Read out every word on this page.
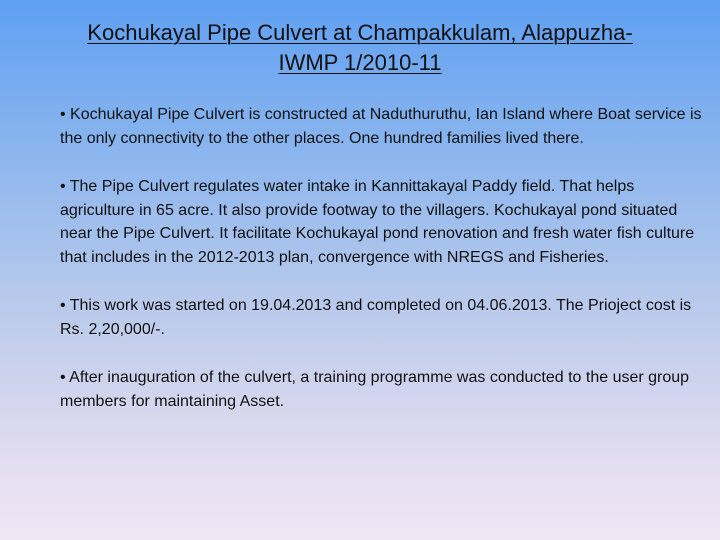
Kochukayal Pipe Culvert at Champakkulam, Alappuzha-
IWMP 1/2010-11

• Kochukayal Pipe Culvert is constructed at Naduthuruthu, Ian Island where Boat service is the only connectivity to the other places. One hundred families lived there.

• The Pipe Culvert regulates water intake in Kannittakayal Paddy field. That helps agriculture in 65 acre. It also provide footway to the villagers. Kochukayal pond situated near the Pipe Culvert. It facilitate Kochukayal pond renovation and fresh water fish culture that includes in the 2012-2013 plan, convergence with NREGS and Fisheries.

• This work was started on 19.04.2013 and completed on 04.06.2013. The Prioject cost is Rs. 2,20,000/-.

• After inauguration of the culvert, a training programme was conducted to the user group members for maintaining Asset.
